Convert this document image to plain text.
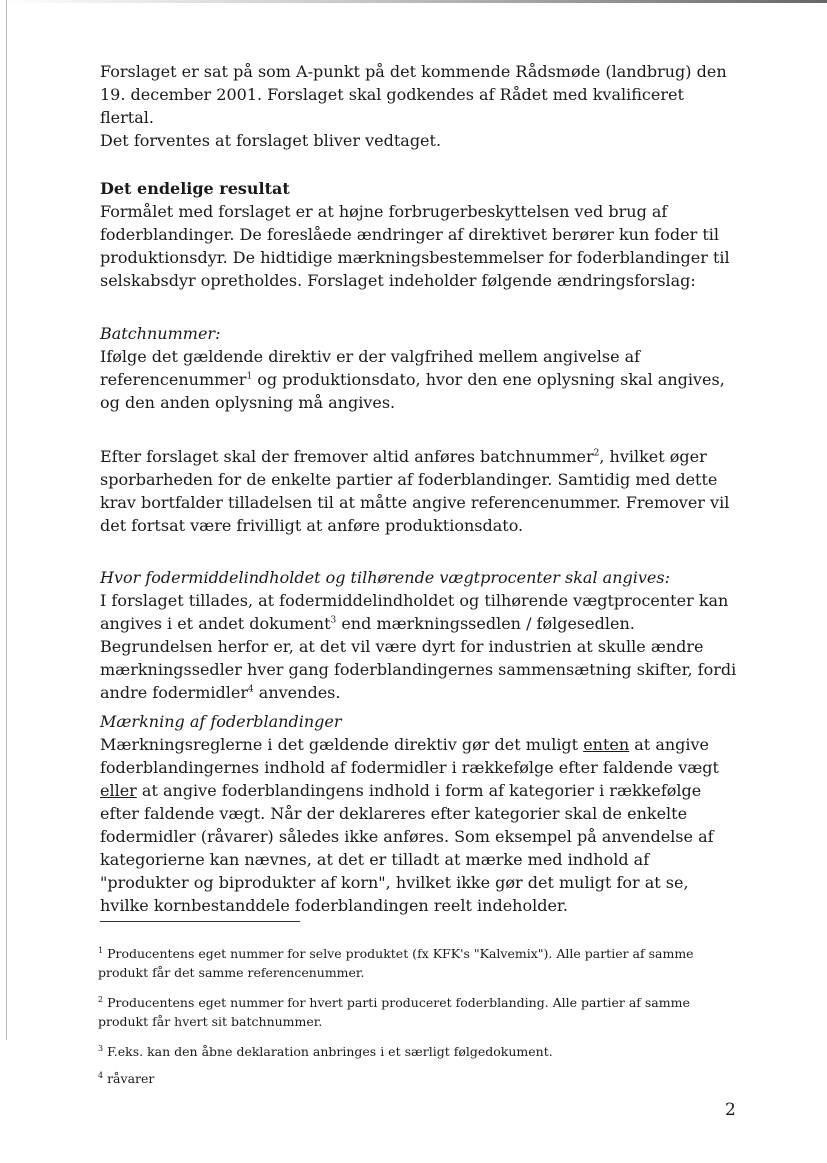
Forslaget er sat på som A-punkt på det kommende Rådsmøde (landbrug) den 19. december 2001. Forslaget skal godkendes af Rådet med kvalificeret flertal.

Det forventes at forslaget bliver vedtaget.

Det endelige resultat

Formålet med forslaget er at højne forbrugerbeskyttelsen ved brug af foderblandinger. De foreslåede ændringer af direktivet berører kun foder til produktionsdyr. De hidtidige mærkningsbestemmelser for foderblandinger til selskabsdyr opretholdes. Forslaget indeholder følgende ændringsforslag:

Batchnummer:

Ifølge det gældende direktiv er der valgfrihed mellem angivelse af referencenummer$^1$ og produktionsdato, hvor den ene oplysning skal angives, og den anden oplysning må angives.

Efter forslaget skal der fremover altid anføres batchnummer$^2$, hvilket øger sporbarheden for de enkelte partier af foderblandinger. Samtidig med dette krav bortfalder tilladelsen til at måtte angive referencenummer. Fremover vil det fortsat være frivilligt at anføre produktionsdato.

Hvor fodermiddelindholdet og tilhørende vægtprocenter skal angives:

I forslaget tillades, at fodermiddelindholdet og tilhørende vægtprocenter kan angives i et andet dokument$^3$ end mærkningssedlen / følgesedlen. Begrundelsen herfor er, at det vil være dyrt for industrien at skulle ændre mærkningssedler hver gang foderblandingernes sammensætning skifter, fordi andre fodermidler$^4$ anvendes.

Mærkning af foderblandinger

Mærkningsreglerne i det gældende direktiv gør det muligt enten at angive foderblandingernes indhold af fodermidler i rækkefølge efter faldende vægt eller at angive foderblandingens indhold i form af kategorier i rækkefølge efter faldende vægt. Når der deklareres efter kategorier skal de enkelte fodermidler (råvarer) således ikke anføres. Som eksempel på anvendelse af kategorierne kan nævnes, at det er tilladt at mærke med indhold af "produkter og biprodukter af korn", hvilket ikke gør det muligt for at se, hvilke kornbestanddele foderblandingen reelt indeholder.

$^1$ Producentens eget nummer for selve produktet (fx KFK's "Kalvemix"). Alle partier af samme produkt får det samme referencenummer.
$^2$ Producentens eget nummer for hvert parti produceret foderblanding. Alle partier af samme produkt får hvert sit batchnummer.
$^3$ F.eks. kan den åbne deklaration anbringes i et særligt følgedokument.
$^4$ råvarer
2
